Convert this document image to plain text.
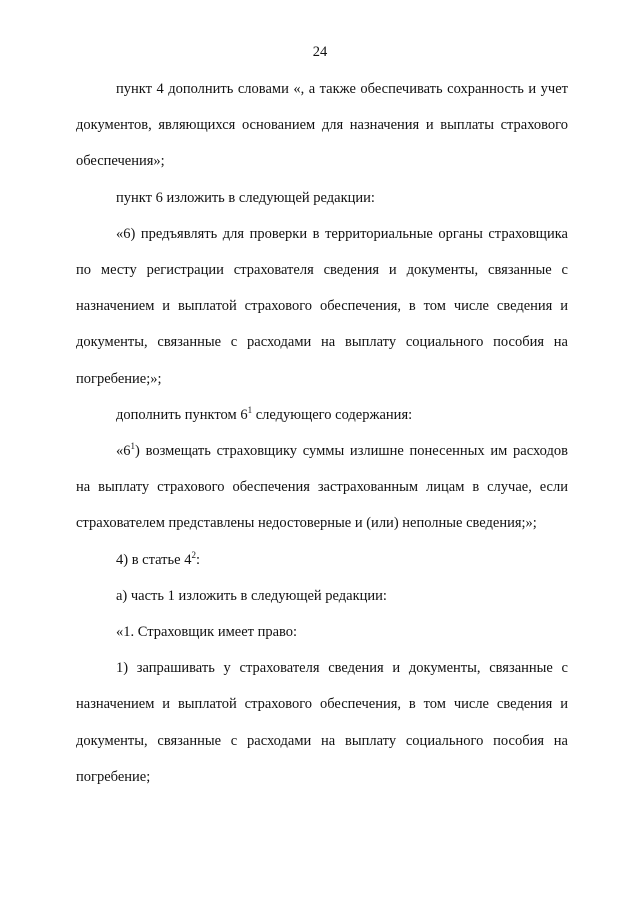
24

пункт 4 дополнить словами «, а также обеспечивать сохранность и учет документов, являющихся основанием для назначения и выплаты страхового обеспечения»;

пункт 6 изложить в следующей редакции:

«6) предъявлять для проверки в территориальные органы страховщика по месту регистрации страхователя сведения и документы, связанные с назначением и выплатой страхового обеспечения, в том числе сведения и документы, связанные с расходами на выплату социального пособия на погребение;»;

дополнить пунктом $6^1$ следующего содержания:

«$6^1$) возмещать страховщику суммы излишне понесенных им расходов на выплату страхового обеспечения застрахованным лицам в случае, если страхователем представлены недостоверные и (или) неполные сведения;»;

4) в статье $4^2$:

а) часть 1 изложить в следующей редакции:

«1. Страховщик имеет право:

1) запрашивать у страхователя сведения и документы, связанные с назначением и выплатой страхового обеспечения, в том числе сведения и документы, связанные с расходами на выплату социального пособия на погребение;
